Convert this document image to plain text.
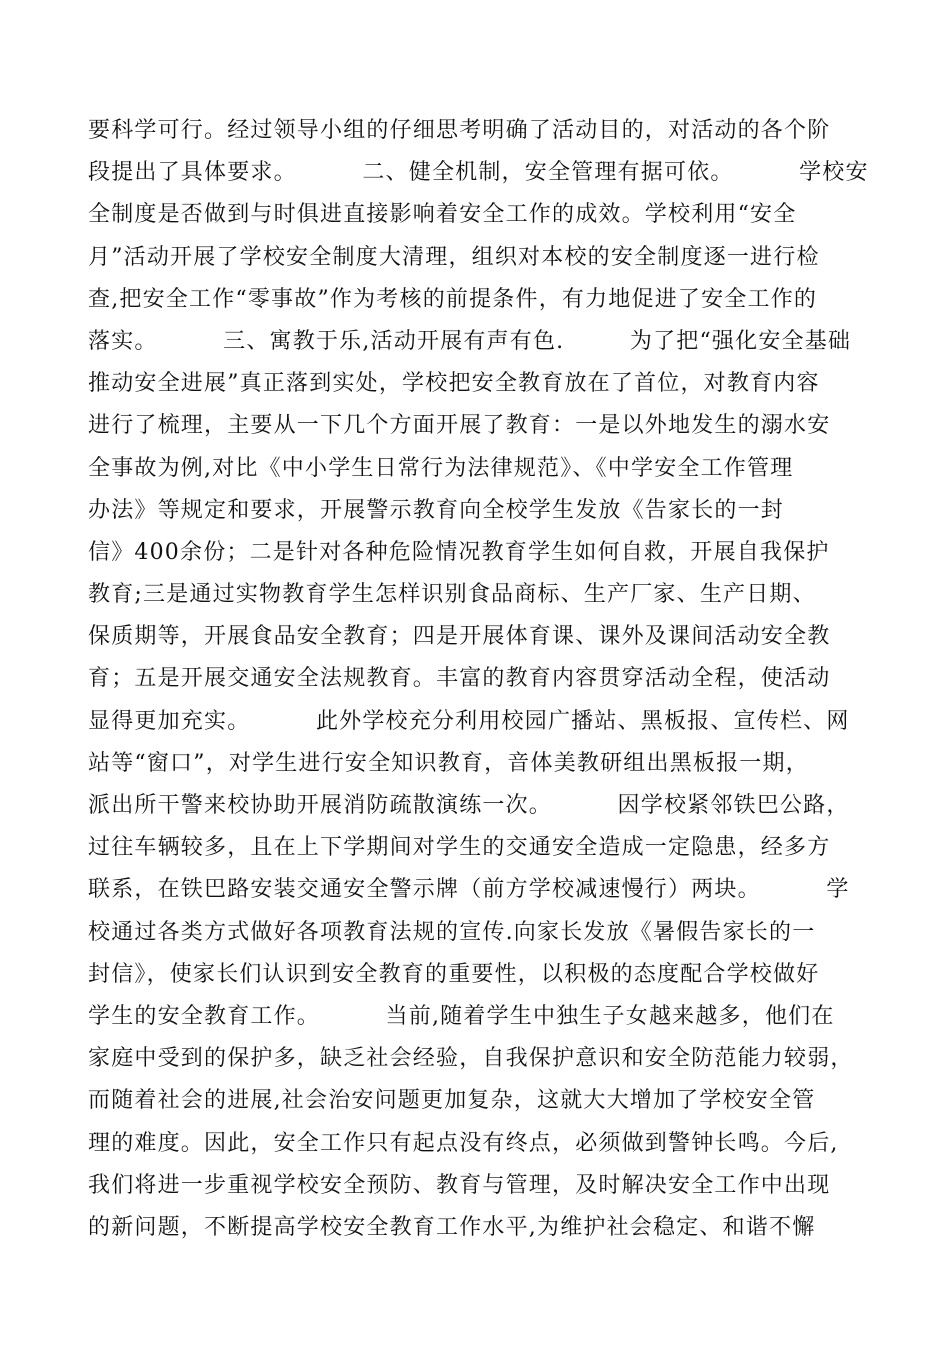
要科学可行。经过领导小组的仔细思考明确了活动目的，对活动的各个阶
段提出了具体要求。        二、健全机制，安全管理有据可依。        学校安
全制度是否做到与时俱进直接影响着安全工作的成效。学校利用“安全
月”活动开展了学校安全制度大清理，组织对本校的安全制度逐一进行检
查,把安全工作“零事故”作为考核的前提条件，有力地促进了安全工作的
落实。        三、寓教于乐,活动开展有声有色.        为了把“强化安全基础
推动安全进展”真正落到实处，学校把安全教育放在了首位，对教育内容
进行了梳理，主要从一下几个方面开展了教育：一是以外地发生的溺水安
全事故为例,对比《中小学生日常行为法律规范》、《中学安全工作管理
办法》等规定和要求，开展警示教育向全校学生发放《告家长的一封
信》400余份；二是针对各种危险情况教育学生如何自救，开展自我保护
教育;三是通过实物教育学生怎样识别食品商标、生产厂家、生产日期、
保质期等，开展食品安全教育；四是开展体育课、课外及课间活动安全教
育；五是开展交通安全法规教育。丰富的教育内容贯穿活动全程，使活动
显得更加充实。        此外学校充分利用校园广播站、黑板报、宣传栏、网
站等“窗口”，对学生进行安全知识教育，音体美教研组出黑板报一期，
派出所干警来校协助开展消防疏散演练一次。        因学校紧邻铁巴公路，
过往车辆较多，且在上下学期间对学生的交通安全造成一定隐患，经多方
联系，在铁巴路安装交通安全警示牌（前方学校减速慢行）两块。        学
校通过各类方式做好各项教育法规的宣传.向家长发放《暑假告家长的一
封信》，使家长们认识到安全教育的重要性，以积极的态度配合学校做好
学生的安全教育工作。        当前,随着学生中独生子女越来越多，他们在
家庭中受到的保护多，缺乏社会经验，自我保护意识和安全防范能力较弱，
而随着社会的进展,社会治安问题更加复杂，这就大大增加了学校安全管
理的难度。因此，安全工作只有起点没有终点，必须做到警钟长鸣。今后,
我们将进一步重视学校安全预防、教育与管理，及时解决安全工作中出现
的新问题，不断提高学校安全教育工作水平,为维护社会稳定、和谐不懈
